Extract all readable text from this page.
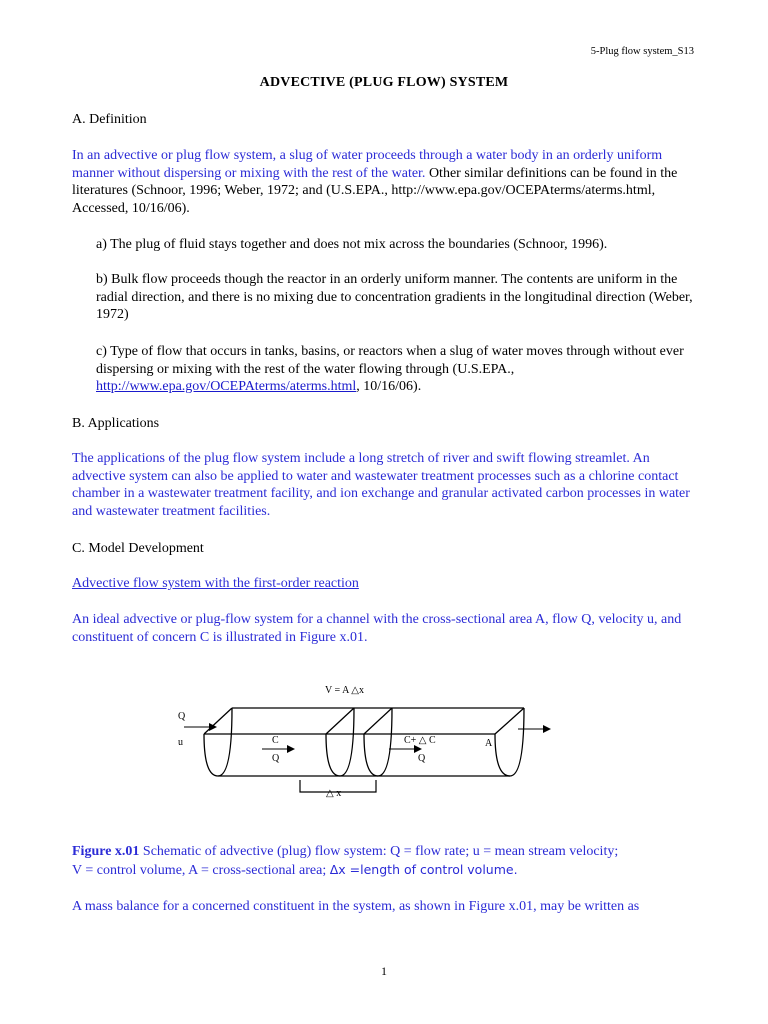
5-Plug flow system_S13
ADVECTIVE (PLUG FLOW) SYSTEM
A. Definition
In an advective or plug flow system, a slug of water proceeds through a water body in an orderly uniform manner without dispersing or mixing with the rest of the water. Other similar definitions can be found in the literatures (Schnoor, 1996; Weber, 1972; and (U.S.EPA., http://www.epa.gov/OCEPAterms/aterms.html, Accessed, 10/16/06).
a) The plug of fluid stays together and does not mix across the boundaries (Schnoor, 1996).
b) Bulk flow proceeds though the reactor in an orderly uniform manner. The contents are uniform in the radial direction, and there is no mixing due to concentration gradients in the longitudinal direction (Weber, 1972)
c) Type of flow that occurs in tanks, basins, or reactors when a slug of water moves through without ever dispersing or mixing with the rest of the water flowing through (U.S.EPA., http://www.epa.gov/OCEPAterms/aterms.html, 10/16/06).
B. Applications
The applications of the plug flow system include a long stretch of river and swift flowing streamlet. An advective system can also be applied to water and wastewater treatment processes such as a chlorine contact chamber in a wastewater treatment facility, and ion exchange and granular activated carbon processes in water and wastewater treatment facilities.
C. Model Development
Advective flow system with the first-order reaction
An ideal advective or plug-flow system for a channel with the cross-sectional area A, flow Q, velocity u, and constituent of concern C is illustrated in Figure x.01.
V = A △x
Q
u	C
Q
C+ △ C
Q
A
△ x
Figure x.01 Schematic of advective (plug) flow system: Q = flow rate; u = mean stream velocity;
V = control volume, A = cross-sectional area; Δx =length of control volume.
A mass balance for a concerned constituent in the system, as shown in Figure x.01, may be written as
1
